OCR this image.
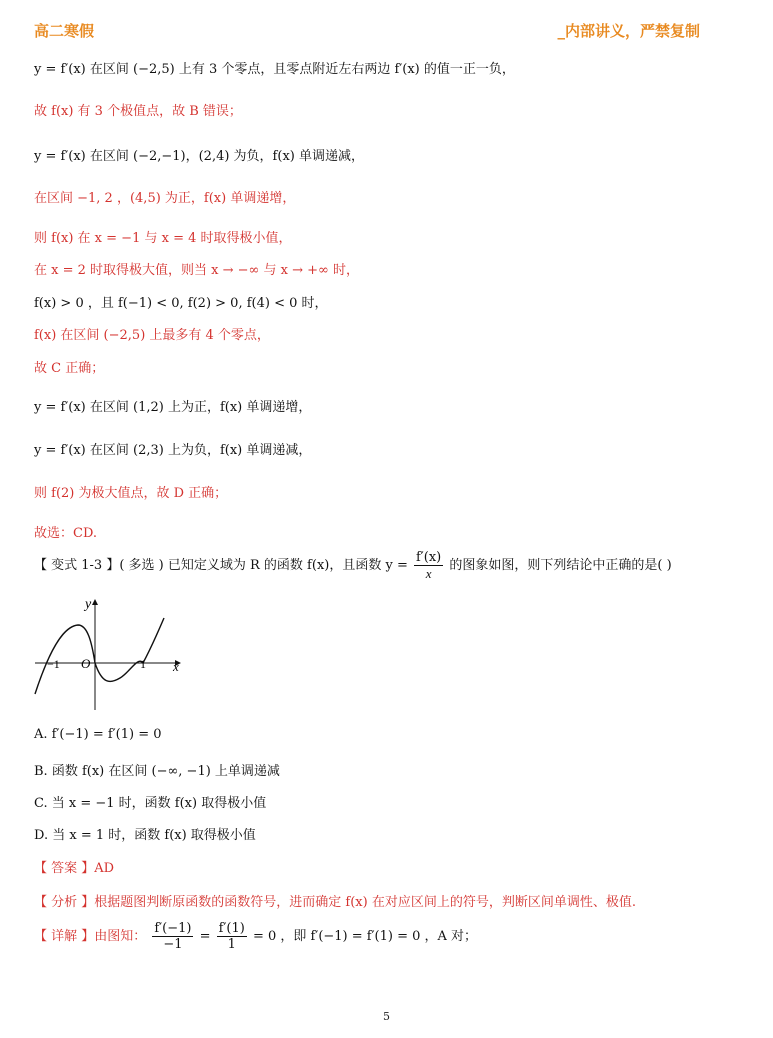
高二寒假	_内部讲义，严禁复制
y = f′(x) 在区间 (−2,5) 上有 3 个零点，且零点附近左右两边 f′(x) 的值一正一负，
故 f(x) 有 3 个极值点，故 B 错误；
y = f′(x) 在区间 (−2,−1)，(2,4) 为负，f(x) 单调递减，
在区间 −1, 2 ，(4,5) 为正，f(x) 单调递增，
则 f(x) 在 x = −1 与 x = 4 时取得极小值，
在 x = 2 时取得极大值，则当 x → −∞ 与 x → +∞ 时，
f(x) > 0 ，且 f(−1) < 0, f(2) > 0, f(4) < 0 时，
f(x) 在区间 (−2,5) 上最多有 4 个零点，
故 C 正确；
y = f′(x) 在区间 (1,2) 上为正，f(x) 单调递增，
y = f′(x) 在区间 (2,3) 上为负，f(x) 单调递减，
则 f(2) 为极大值点，故 D 正确；
故选：CD.
【 变式 1-3 】( 多选 ) 已知定义域为 R 的函数 f(x)，且函数 $y = \frac{f'(x)}{x}$ 的图象如图，则下列结论中正确的是( )
y
x
O
−1	1
A. f′(−1) = f′(1) = 0
B. 函数 f(x) 在区间 (−∞, −1) 上单调递减
C. 当 x = −1 时，函数 f(x) 取得极小值
D. 当 x = 1 时，函数 f(x) 取得极小值
【 答案 】AD
【 分析 】根据题图判断原函数的函数符号，进而确定 f(x) 在对应区间上的符号，判断区间单调性、极值.
【 详解 】由图知： $\frac{f'(-1)}{-1} = \frac{f'(1)}{1} = 0$ ，即 f′(−1) = f′(1) = 0 ，A 对；
5
